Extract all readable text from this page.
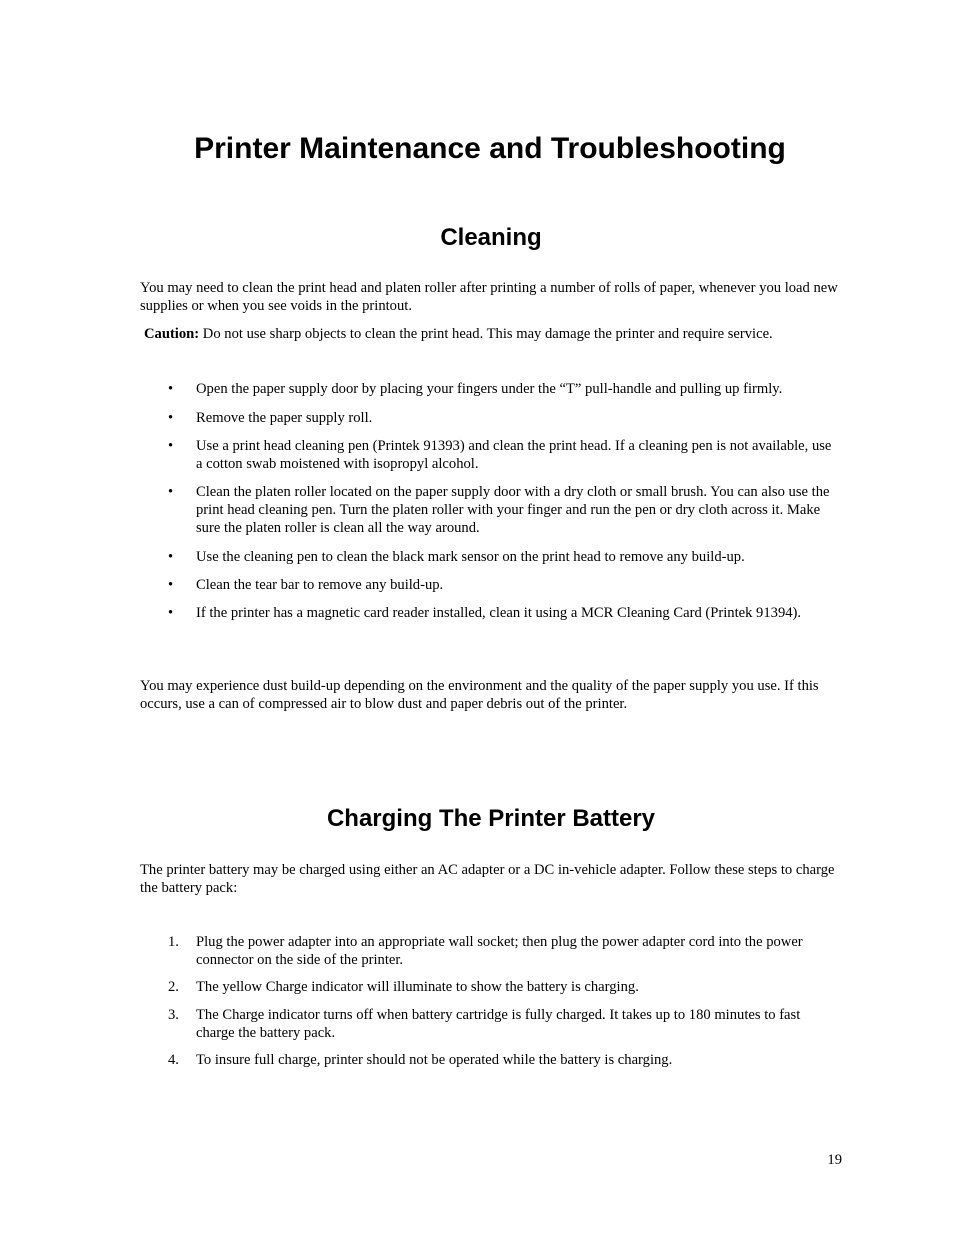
Printer Maintenance and Troubleshooting
Cleaning

You may need to clean the print head and platen roller after printing a number of rolls of paper, whenever you load new supplies or when you see voids in the printout.

Caution: Do not use sharp objects to clean the print head. This may damage the printer and require service.

• Open the paper supply door by placing your fingers under the “T” pull-handle and pulling up firmly.
• Remove the paper supply roll.
• Use a print head cleaning pen (Printek 91393) and clean the print head. If a cleaning pen is not available, use a cotton swab moistened with isopropyl alcohol.
• Clean the platen roller located on the paper supply door with a dry cloth or small brush. You can also use the print head cleaning pen. Turn the platen roller with your finger and run the pen or dry cloth across it. Make sure the platen roller is clean all the way around.
• Use the cleaning pen to clean the black mark sensor on the print head to remove any build-up.
• Clean the tear bar to remove any build-up.
• If the printer has a magnetic card reader installed, clean it using a MCR Cleaning Card (Printek 91394).

You may experience dust build-up depending on the environment and the quality of the paper supply you use. If this occurs, use a can of compressed air to blow dust and paper debris out of the printer.

Charging The Printer Battery

The printer battery may be charged using either an AC adapter or a DC in-vehicle adapter. Follow these steps to charge the battery pack:

1. Plug the power adapter into an appropriate wall socket; then plug the power adapter cord into the power connector on the side of the printer.
2. The yellow Charge indicator will illuminate to show the battery is charging.
3. The Charge indicator turns off when battery cartridge is fully charged. It takes up to 180 minutes to fast charge the battery pack.
4. To insure full charge, printer should not be operated while the battery is charging.
19
